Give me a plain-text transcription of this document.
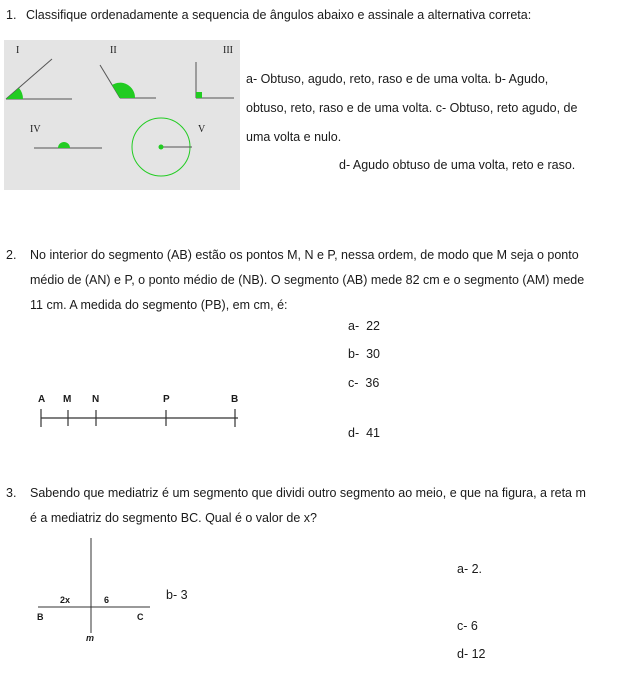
1. Classifique ordenadamente a sequencia de ângulos abaixo e assinale a alternativa correta:
I	II	III
IV	V
a- Obtuso, agudo, reto, raso e de uma volta. b- Agudo,
obtuso, reto, raso e de uma volta. c- Obtuso, reto agudo, de
uma volta e nulo.
d- Agudo obtuso de uma volta, reto e raso.
2. No interior do segmento (AB) estão os pontos M, N e P, nessa ordem, de modo que M seja o ponto
médio de (AN) e P, o ponto médio de (NB). O segmento (AB) mede 82 cm e o segmento (AM) mede
11 cm. A medida do segmento (PB), em cm, é:
a- 22
b- 30
c- 36
d- 41
A M N	P	B
3. Sabendo que mediatriz é um segmento que dividi outro segmento ao meio, e que na figura, a reta m
é a mediatriz do segmento BC. Qual é o valor de x?
2x	6
B	C
m
a- 2.
b- 3
c- 6
d- 12
